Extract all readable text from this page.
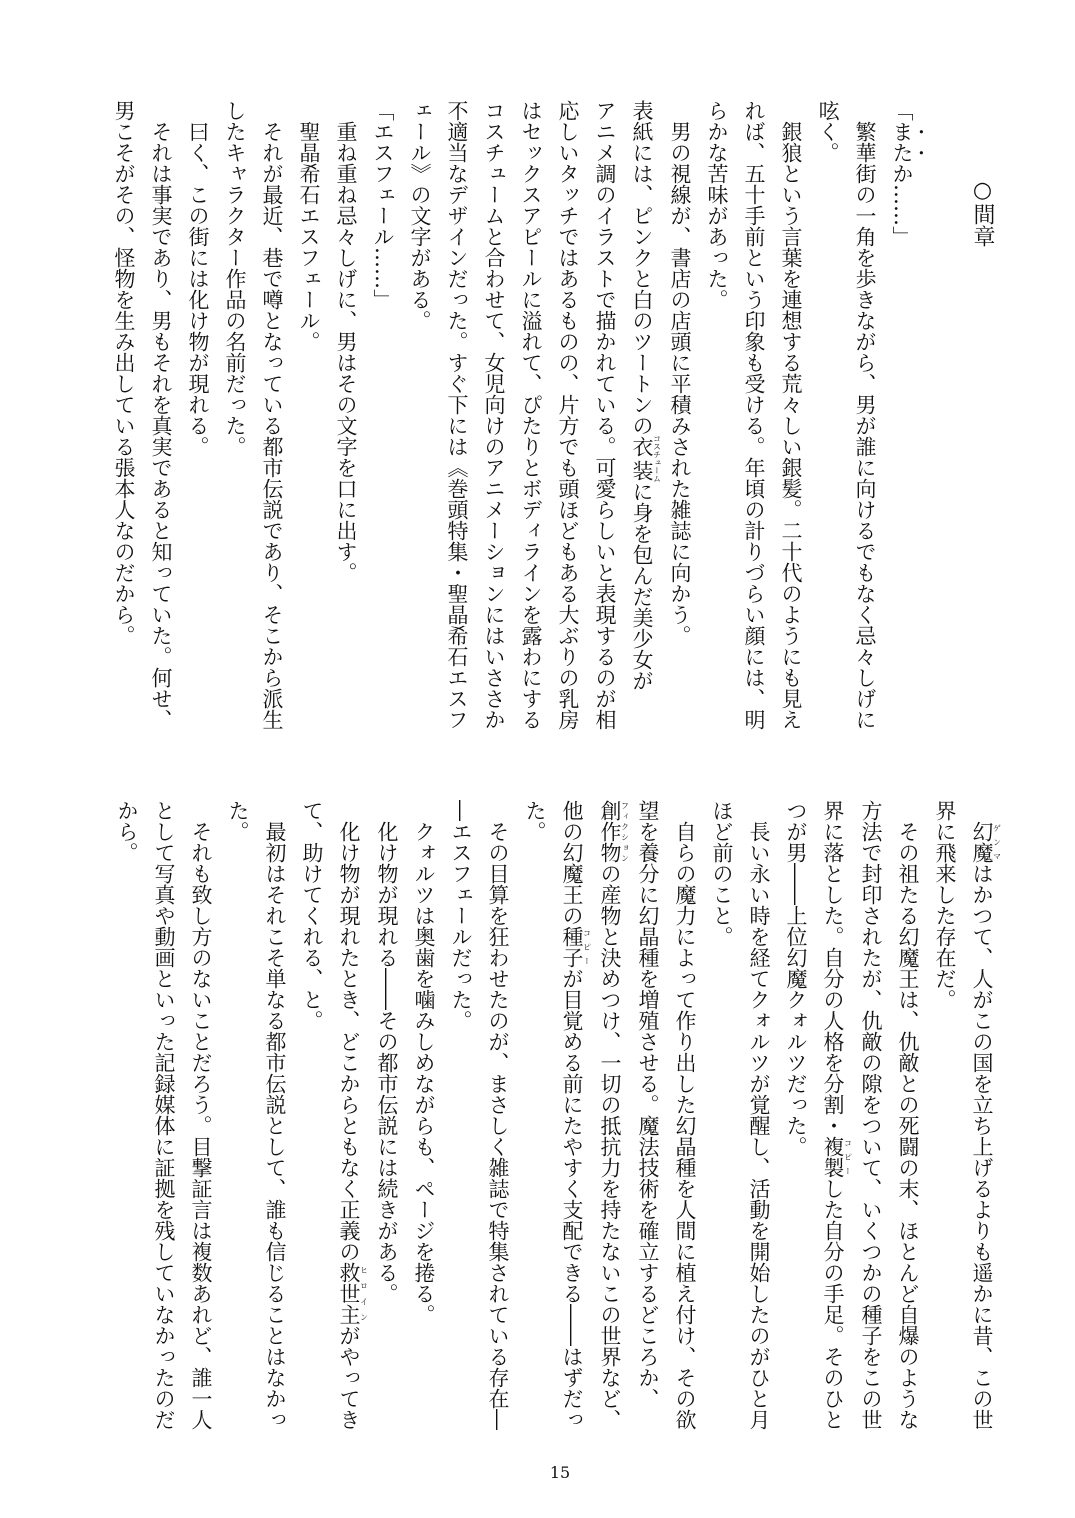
○間章
「またか……」
　繁華街の一角を歩きながら、男が誰に向けるでもなく忌々しげに
呟く。
　銀狼という言葉を連想する荒々しい銀髪。二十代のようにも見え
れば、五十手前という印象も受ける。年頃の計りづらい顔には、明
らかな苦味があった。
　男の視線が、書店の店頭に平積みされた雑誌に向かう。
表紙には、ピンクと白のツートンの衣装コスチュームに身を包んだ美少女が
アニメ調のイラストで描かれている。可愛らしいと表現するのが相
応しいタッチではあるものの、片方でも頭ほどもある大ぶりの乳房
はセックスアピールに溢れて、ぴたりとボディラインを露わにする
コスチュームと合わせて、女児向けのアニメーションにはいささか
不適当なデザインだった。すぐ下には《巻頭特集・聖晶希石エスフ
ェール》の文字がある。
「エスフェール……」
　重ね重ね忌々しげに、男はその文字を口に出す。
　聖晶希石エスフェール。
　それが最近、巷で噂となっている都市伝説であり、そこから派生
したキャラクター作品の名前だった。
　曰く、この街には化け物が現れる。
　それは事実であり、男もそれを真実であると知っていた。何せ、
男こそがその、怪物を生み出している張本人なのだから。
　幻魔ゲンマはかつて、人がこの国を立ち上げるよりも遥かに昔、この世
界に飛来した存在だ。
　その祖たる幻魔王は、仇敵との死闘の末、ほとんど自爆のような
方法で封印されたが、仇敵の隙をついて、いくつかの種子をこの世
界に落とした。自分の人格を分割・複製コピーした自分の手足。そのひと
つが男――上位幻魔クォルツだった。
　長い永い時を経てクォルツが覚醒し、活動を開始したのがひと月
ほど前のこと。
　自らの魔力によって作り出した幻晶種を人間に植え付け、その欲
望を養分に幻晶種を増殖させる。魔法技術を確立するどころか、
創作物フィクションの産物と決めつけ、一切の抵抗力を持たないこの世界など、
他の幻魔王の種子コピーが目覚める前にたやすく支配できる――はずだっ
た。
　その目算を狂わせたのが、まさしく雑誌で特集されている存在―
―エスフェールだった。
　クォルツは奥歯を噛みしめながらも、ページを捲る。
　化け物が現れる――その都市伝説には続きがある。
　化け物が現れたとき、どこからともなく正義の救世主ヒロインがやってき
て、助けてくれる、と。
　最初はそれこそ単なる都市伝説として、誰も信じることはなかっ
た。
　それも致し方のないことだろう。目撃証言は複数あれど、誰一人
として写真や動画といった記録媒体に証拠を残していなかったのだ
から。
15
